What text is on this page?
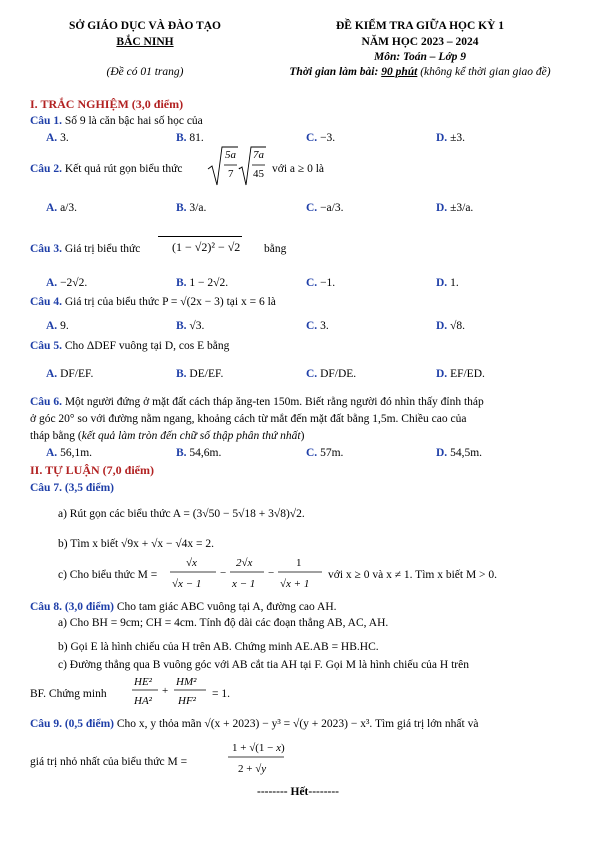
SỞ GIÁO DỤC VÀ ĐÀO TẠO
BẮC NINH
(Đề có 01 trang)
ĐỀ KIỂM TRA GIỮA HỌC KỲ 1
NĂM HỌC 2023 – 2024
Môn: Toán – Lớp 9
Thời gian làm bài: 90 phút (không kể thời gian giao đề)
I. TRẮC NGHIỆM (3,0 điểm)
Câu 1. Số 9 là căn bậc hai số học của
A. 3.	B. 81.	C. −3.	D. ±3.
Câu 2. Kết quả rút gọn biểu thức
5a
7
.
7a
45 với a ≥ 0 là
A. a/3.	B. 3/a.	C. −a/3.	D. ±3/a.
Câu 3. Giá trị biểu thức	(1 − √2)² − √2 bằng
A. −2√2.	B. 1 − 2√2.	C. −1.	D. 1.
Câu 4. Giá trị của biểu thức P = √(2x − 3) tại x = 6 là
A. 9.	B. √3.	C. 3.	D. √8.
Câu 5. Cho ΔDEF vuông tại D, cos E bằng
A. DF/EF.	B. DE/EF.	C. DF/DE.	D. EF/ED.
Câu 6. Một người đứng ở mặt đất cách tháp ăng-ten 150m. Biết rằng người đó nhìn thấy đỉnh tháp
ở góc 20° so với đường nằm ngang, khoảng cách từ mắt đến mặt đất bằng 1,5m. Chiều cao của
tháp bằng (kết quả làm tròn đến chữ số thập phân thứ nhất)
A. 56,1m.	B. 54,6m.	C. 57m.	D. 54,5m.
II. TỰ LUẬN (7,0 điểm)
Câu 7. (3,5 điểm)
a) Rút gọn các biểu thức A = (3√50 − 5√18 + 3√8)√2.
b) Tìm x biết √9x + √x − √4x = 2.
c) Cho biểu thức M =
√x
√x − 1
−
2√x
x − 1
−
1
√x + 1
với x ≥ 0 và x ≠ 1. Tìm x biết M > 0.
Câu 8. (3,0 điểm) Cho tam giác ABC vuông tại A, đường cao AH.
a) Cho BH = 9cm; CH = 4cm. Tính độ dài các đoạn thẳng AB, AC, AH.
b) Gọi E là hình chiếu của H trên AB. Chứng minh AE.AB = HB.HC.
c) Đường thẳng qua B vuông góc với AB cắt tia AH tại F. Gọi M là hình chiếu của H trên
BF. Chứng minh
HE²
HA²
+
HM²
HF²
= 1.
Câu 9. (0,5 điểm) Cho x, y thỏa mãn √(x + 2023) − y³ = √(y + 2023) − x³. Tìm giá trị lớn nhất và
giá trị nhỏ nhất của biểu thức M =
1 + √(1 − x)
2 + √y
-------- Hết--------
